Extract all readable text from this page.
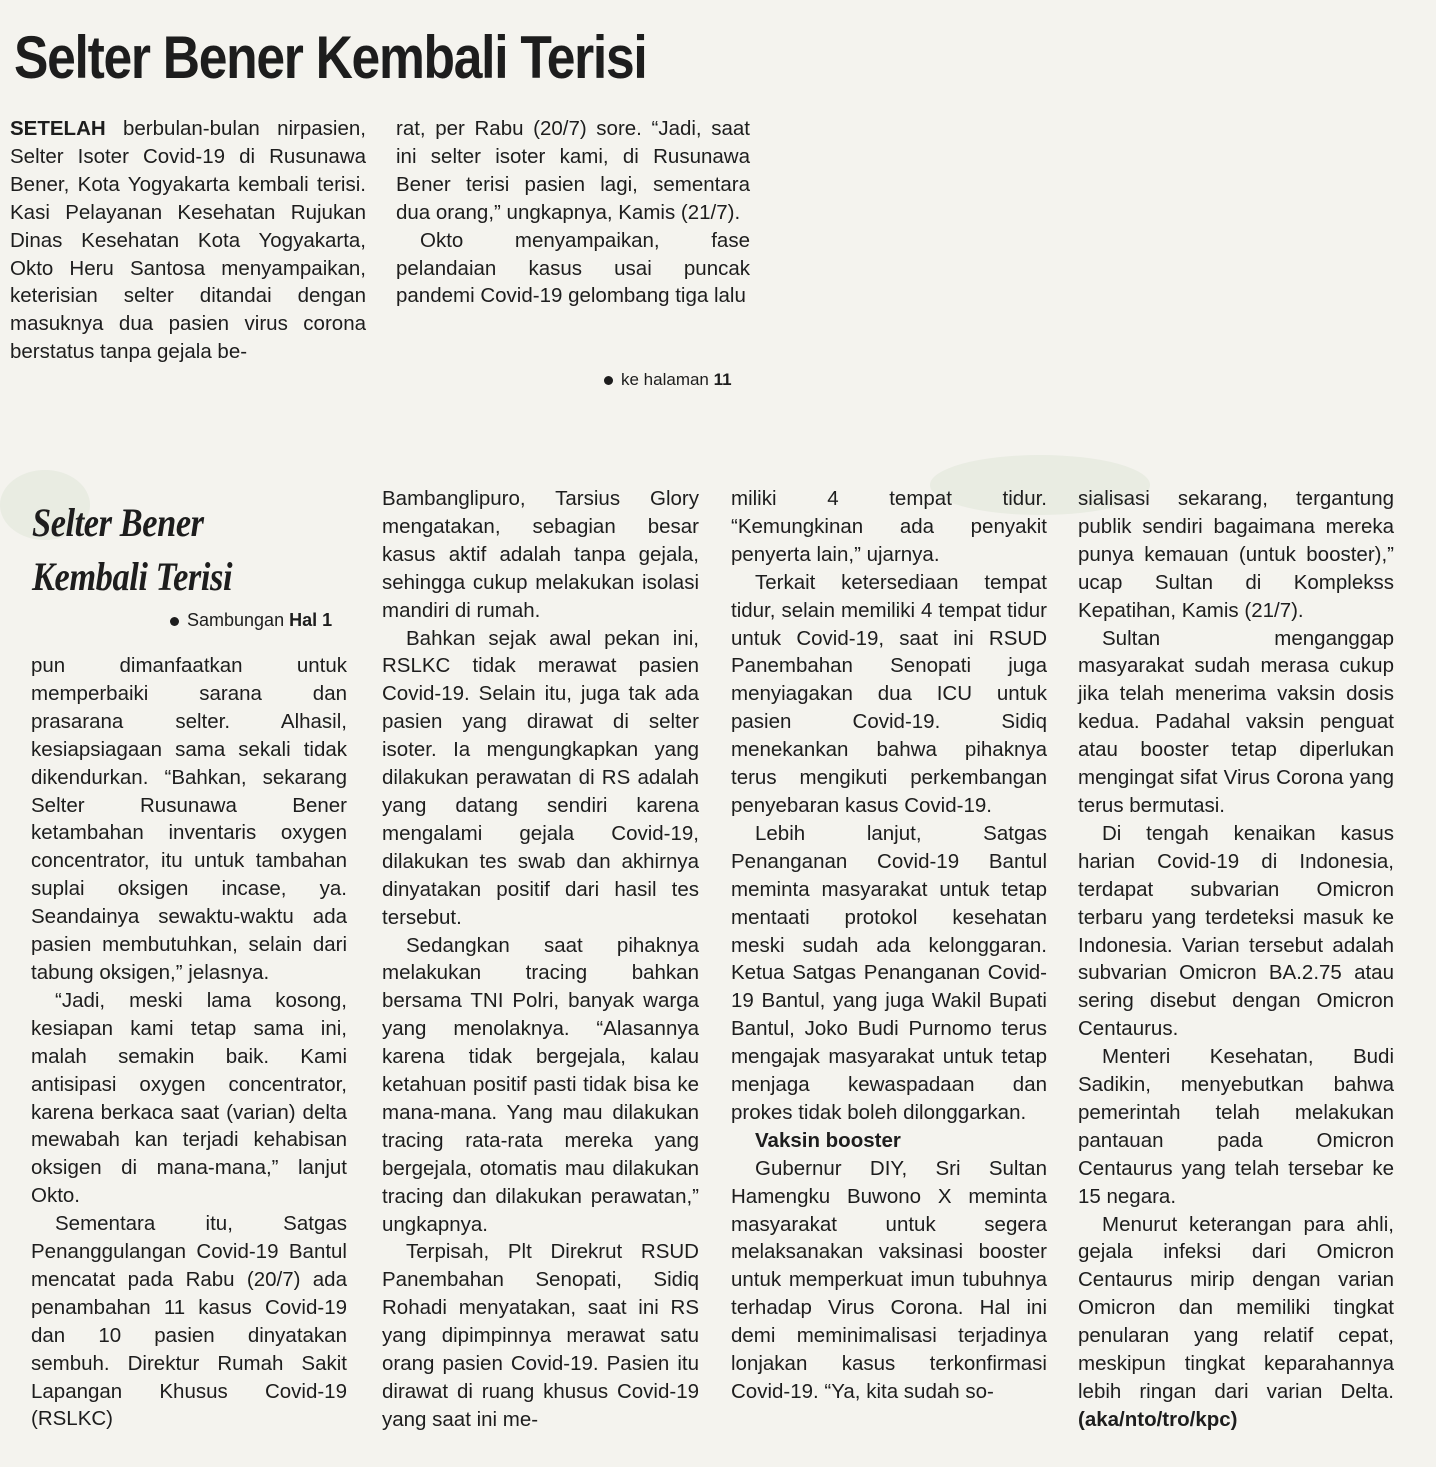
Selter Bener Kembali Terisi

SETELAH berbulan-bulan nirpasien, Selter Isoter Covid-19 di Rusunawa Bener, Kota Yogyakarta kembali terisi. Kasi Pelayanan Kesehatan Rujukan Dinas Kesehatan Kota Yogyakarta, Okto Heru Santosa menyampaikan, keterisian selter ditandai dengan masuknya dua pasien virus corona berstatus tanpa gejala be-

rat, per Rabu (20/7) sore. “Jadi, saat ini selter isoter kami, di Rusunawa Bener terisi pasien lagi, sementara dua orang,” ungkapnya, Kamis (21/7).

Okto menyampaikan, fase pelandaian kasus usai puncak pandemi Covid-19 gelombang tiga lalu

ke halaman 11
Selter Bener
Kembali Terisi
Sambungan Hal 1

pun dimanfaatkan untuk memperbaiki sarana dan prasarana selter. Alhasil, kesiapsiagaan sama sekali tidak dikendurkan. “Bahkan, sekarang Selter Rusunawa Bener ketambahan inventaris oxygen concentrator, itu untuk tambahan suplai oksigen incase, ya. Seandainya sewaktu-waktu ada pasien membutuhkan, selain dari tabung oksigen,” jelasnya.

“Jadi, meski lama kosong, kesiapan kami tetap sama ini, malah semakin baik. Kami antisipasi oxygen concentrator, karena berkaca saat (varian) delta mewabah kan terjadi kehabisan oksigen di mana-mana,” lanjut Okto.

Sementara itu, Satgas Penanggulangan Covid-19 Bantul mencatat pada Rabu (20/7) ada penambahan 11 kasus Covid-19 dan 10 pasien dinyatakan sembuh. Direktur Rumah Sakit Lapangan Khusus Covid-19 (RSLKC)

Bambanglipuro, Tarsius Glory mengatakan, sebagian besar kasus aktif adalah tanpa gejala, sehingga cukup melakukan isolasi mandiri di rumah.

Bahkan sejak awal pekan ini, RSLKC tidak merawat pasien Covid-19. Selain itu, juga tak ada pasien yang dirawat di selter isoter. Ia mengungkapkan yang dilakukan perawatan di RS adalah yang datang sendiri karena mengalami gejala Covid-19, dilakukan tes swab dan akhirnya dinyatakan positif dari hasil tes tersebut.

Sedangkan saat pihaknya melakukan tracing bahkan bersama TNI Polri, banyak warga yang menolaknya. “Alasannya karena tidak bergejala, kalau ketahuan positif pasti tidak bisa ke mana-mana. Yang mau dilakukan tracing rata-rata mereka yang bergejala, otomatis mau dilakukan tracing dan dilakukan perawatan,” ungkapnya.

Terpisah, Plt Direkrut RSUD Panembahan Senopati, Sidiq Rohadi menyatakan, saat ini RS yang dipimpinnya merawat satu orang pasien Covid-19. Pasien itu dirawat di ruang khusus Covid-19 yang saat ini me-

miliki 4 tempat tidur. “Kemungkinan ada penyakit penyerta lain,” ujarnya.

Terkait ketersediaan tempat tidur, selain memiliki 4 tempat tidur untuk Covid-19, saat ini RSUD Panembahan Senopati juga menyiagakan dua ICU untuk pasien Covid-19. Sidiq menekankan bahwa pihaknya terus mengikuti perkembangan penyebaran kasus Covid-19.

Lebih lanjut, Satgas Penanganan Covid-19 Bantul meminta masyarakat untuk tetap mentaati protokol kesehatan meski sudah ada kelonggaran. Ketua Satgas Penanganan Covid-19 Bantul, yang juga Wakil Bupati Bantul, Joko Budi Purnomo terus mengajak masyarakat untuk tetap menjaga kewaspadaan dan prokes tidak boleh dilonggarkan.

Vaksin booster

Gubernur DIY, Sri Sultan Hamengku Buwono X meminta masyarakat untuk segera melaksanakan vaksinasi booster untuk memperkuat imun tubuhnya terhadap Virus Corona. Hal ini demi meminimalisasi terjadinya lonjakan kasus terkonfirmasi Covid-19. “Ya, kita sudah so-

sialisasi sekarang, tergantung publik sendiri bagaimana mereka punya kemauan (untuk booster),” ucap Sultan di Komplekss Kepatihan, Kamis (21/7).

Sultan menganggap masyarakat sudah merasa cukup jika telah menerima vaksin dosis kedua. Padahal vaksin penguat atau booster tetap diperlukan mengingat sifat Virus Corona yang terus bermutasi.

Di tengah kenaikan kasus harian Covid-19 di Indonesia, terdapat subvarian Omicron terbaru yang terdeteksi masuk ke Indonesia. Varian tersebut adalah subvarian Omicron BA.2.75 atau sering disebut dengan Omicron Centaurus.

Menteri Kesehatan, Budi Sadikin, menyebutkan bahwa pemerintah telah melakukan pantauan pada Omicron Centaurus yang telah tersebar ke 15 negara.

Menurut keterangan para ahli, gejala infeksi dari Omicron Centaurus mirip dengan varian Omicron dan memiliki tingkat penularan yang relatif cepat, meskipun tingkat keparahannya lebih ringan dari varian Delta. (aka/nto/tro/kpc)
